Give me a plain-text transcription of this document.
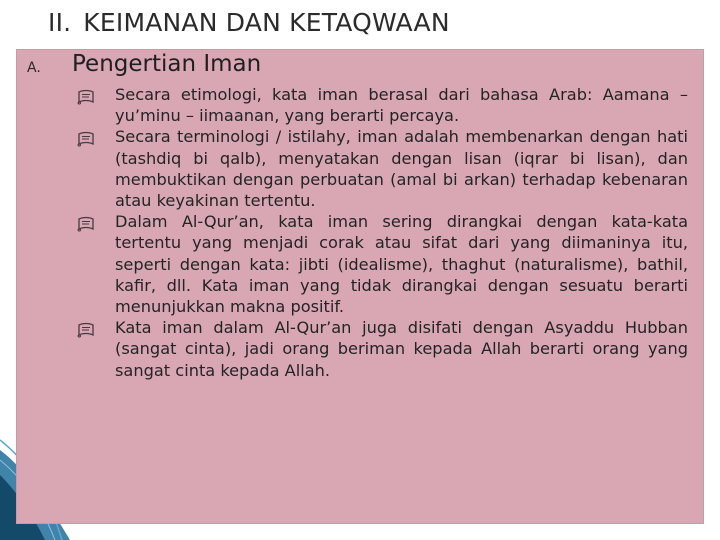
II. KEIMANAN DAN KETAQWAAN
A. Pengertian Iman
Secara etimologi, kata iman berasal dari bahasa Arab: Aamana – yu’minu – iimaanan, yang berarti percaya.
Secara terminologi / istilahy, iman adalah membenarkan dengan hati (tashdiq bi qalb), menyatakan dengan lisan (iqrar bi lisan), dan membuktikan dengan perbuatan (amal bi arkan) terhadap kebenaran atau keyakinan tertentu.
Dalam Al-Qur’an, kata iman sering dirangkai dengan kata-kata tertentu yang menjadi corak atau sifat dari yang diimaninya itu, seperti dengan kata: jibti (idealisme), thaghut (naturalisme), bathil, kafir, dll. Kata iman yang tidak dirangkai dengan sesuatu berarti menunjukkan makna positif.
Kata iman dalam Al-Qur’an juga disifati dengan Asyaddu Hubban (sangat cinta), jadi orang beriman kepada Allah berarti orang yang sangat cinta kepada Allah.
